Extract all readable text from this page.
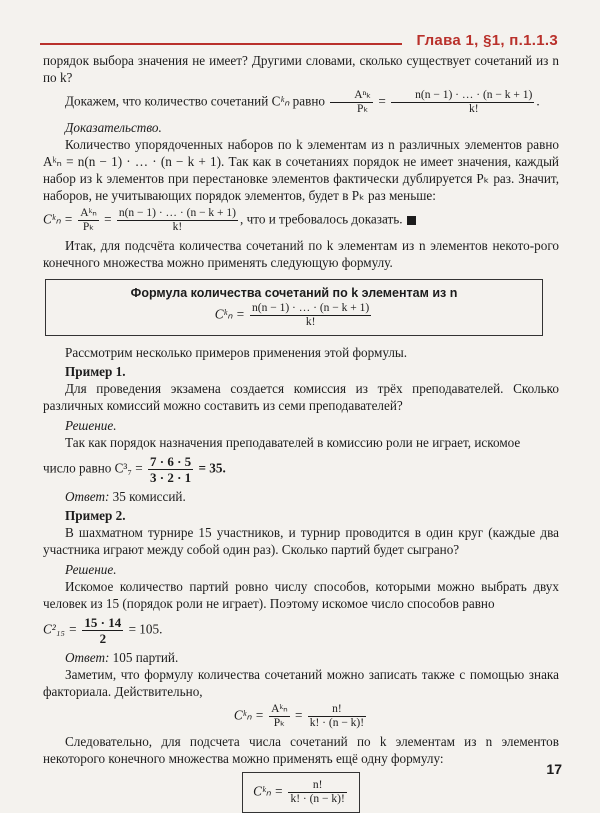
Глава 1, §1, п.1.1.3

порядок выбора значения не имеет? Другими словами, сколько существует сочетаний из n по k?

Докажем, что количество сочетаний Cᵏₙ равно $\frac{\text{Aⁿₖ}}{\text{Pₖ}} = \frac{n(n - 1) \cdot \dots \cdot (n - k + 1)}{k!}$ .

Доказательство.

Количество упорядоченных наборов по k элементам из n различных элементов равно Aᵏₙ = n(n − 1) · … · (n − k + 1). Так как в сочетаниях порядок не имеет значения, каждый набор из k элементов при перестановке элементов фактически дублируется Pₖ раз. Значит, наборов, не учитывающих порядок элементов, будет в Pₖ раз меньше:

Cᵏₙ = $\frac{\text{Aᵏₙ}}{\text{Pₖ}} = \frac{n(n - 1) \cdot \dots \cdot (n - k + 1)}{k!}$ , что и требовалось доказать.

Итак, для подсчёта количества сочетаний по k элементам из n элементов некото-рого конечного множества можно применять следующую формулу.

Формула количества сочетаний по k элементам из n
Cᵏₙ = $\frac{n(n - 1) \cdot \dots \cdot (n - k + 1)}{k!}$

Рассмотрим несколько примеров применения этой формулы.

Пример 1.

Для проведения экзамена создается комиссия из трёх преподавателей. Сколько различных комиссий можно составить из семи преподавателей?

Решение.

Так как порядок назначения преподавателей в комиссию роли не играет, искомое

число равно $C^3_7 = \frac{7 \cdot 6 \cdot 5}{3 \cdot 2 \cdot 1} = 35$.

Ответ: 35 комиссий.

Пример 2.

В шахматном турнире 15 участников, и турнир проводится в один круг (каждые два участника играют между собой один раз). Сколько партий будет сыграно?

Решение.

Искомое количество партий ровно числу способов, которыми можно выбрать двух человек из 15 (порядок роли не играет). Поэтому искомое число способов равно

$C^2_{15} = \frac{15 \cdot 14}{2} = 105$.

Ответ: 105 партий.

Заметим, что формулу количества сочетаний можно записать также с помощью знака факториала. Действительно,

Cᵏₙ = $\frac{\text{Aᵏₙ}}{\text{Pₖ}} = \frac{n!}{k! \cdot (n - k)!}$

Следовательно, для подсчета числа сочетаний по k элементам из n элементов некоторого конечного множества можно применять ещё одну формулу:

Cᵏₙ = $\frac{n!}{k! \cdot (n - k)!}$
17
